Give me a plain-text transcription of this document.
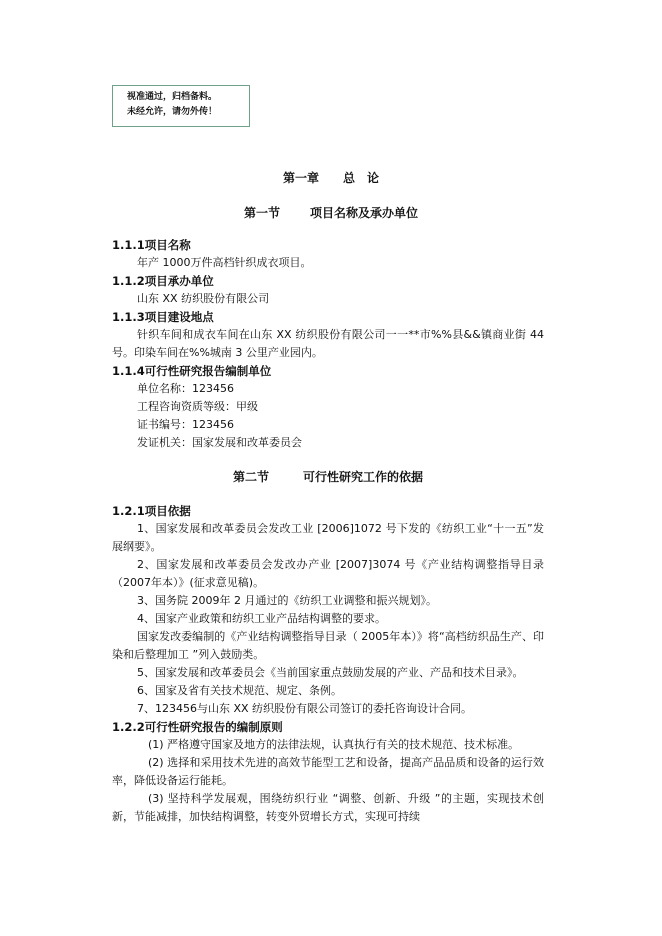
视准通过，归档备料。
未经允许，请勿外传！
第一章　　总　论
第一节 项目名称及承办单位
1.1.1项目名称
年产 1000万件高档针织成衣项目。
1.1.2项目承办单位
山东 XX 纺织股份有限公司
1.1.3项目建设地点
针织车间和成衣车间在山东 XX 纺织股份有限公司一一**市%%县&&镇商业街 44 号。印染车间在%%城南 3 公里产业园内。
1.1.4可行性研究报告编制单位
单位名称：123456
工程咨询资质等级：甲级
证书编号：123456
发证机关：国家发展和改革委员会
第二节	可行性研究工作的依据
1.2.1项目依据
1、国家发展和改革委员会发改工业 [2006]1072 号下发的《纺织工业“十一五”发展纲要》。
2、国家发展和改革委员会发改办产业 [2007]3074 号《产业结构调整指导目录（2007年本）》(征求意见稿)。
3、国务院 2009年 2 月通过的《纺织工业调整和振兴规划》。
4、国家产业政策和纺织工业产品结构调整的要求。
国家发改委编制的《产业结构调整指导目录（ 2005年本）》将“高档纺织品生产、印染和后整理加工 ”列入鼓励类。
5、国家发展和改革委员会《当前国家重点鼓励发展的产业、产品和技术目录》。
6、国家及省有关技术规范、规定、条例。
7、123456与山东 XX 纺织股份有限公司签订的委托咨询设计合同。
1.2.2可行性研究报告的编制原则
(1) 严格遵守国家及地方的法律法规，认真执行有关的技术规范、技术标准。
(2) 选择和采用技术先进的高效节能型工艺和设备，提高产品品质和设备的运行效率，降低设备运行能耗。
(3) 坚持科学发展观，围绕纺织行业 “调整、创新、升级 ”的主题，实现技术创新，节能减排，加快结构调整，转变外贸增长方式，实现可持续
